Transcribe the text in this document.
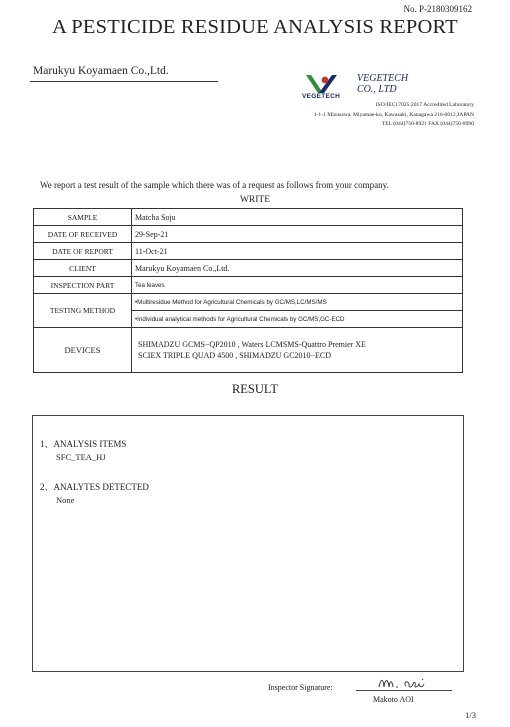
No. P-2180309162
A PESTICIDE RESIDUE ANALYSIS REPORT
Marukyu Koyamaen Co.,Ltd.
VEGETECH
VEGETECH
CO., LTD
ISO/IEC17025:2017 Accredited Laboratory
1-1-1 Mizusawa, Miyamae-ku, Kawasaki, Kanagawa 216-0012,JAPAN
TEL (044)750-8921 FAX (044)750-8990
We report a test result of the sample which there was of a request as follows from your company.
WRITE
SAMPLE	Matcha Soju
DATE OF RECEIVED	29-Sep-21
DATE OF REPORT	11-Oct-21
CLIENT	Marukyu Koyamaen Co.,Ltd.
INSPECTION PART	Tea leaves
TESTING METHOD	•Multiresidue Method for Agricultural Chemicals by GC/MS,LC/MS/MS
	•Individual analytical methods for Agricultural Chemicals by GC/MS,GC-ECD
DEVICES	SHIMADZU GCMS−QP2010 , Waters LCMSMS-Quattro Premier XE
SCIEX TRIPLE QUAD 4500 , SHIMADZU GC2010−ECD
RESULT
1、ANALYSIS ITEMS
SFC_TEA_HJ
2、ANALYTES DETECTED
None
Inspector Signature:
Makoto AOI
1/3
